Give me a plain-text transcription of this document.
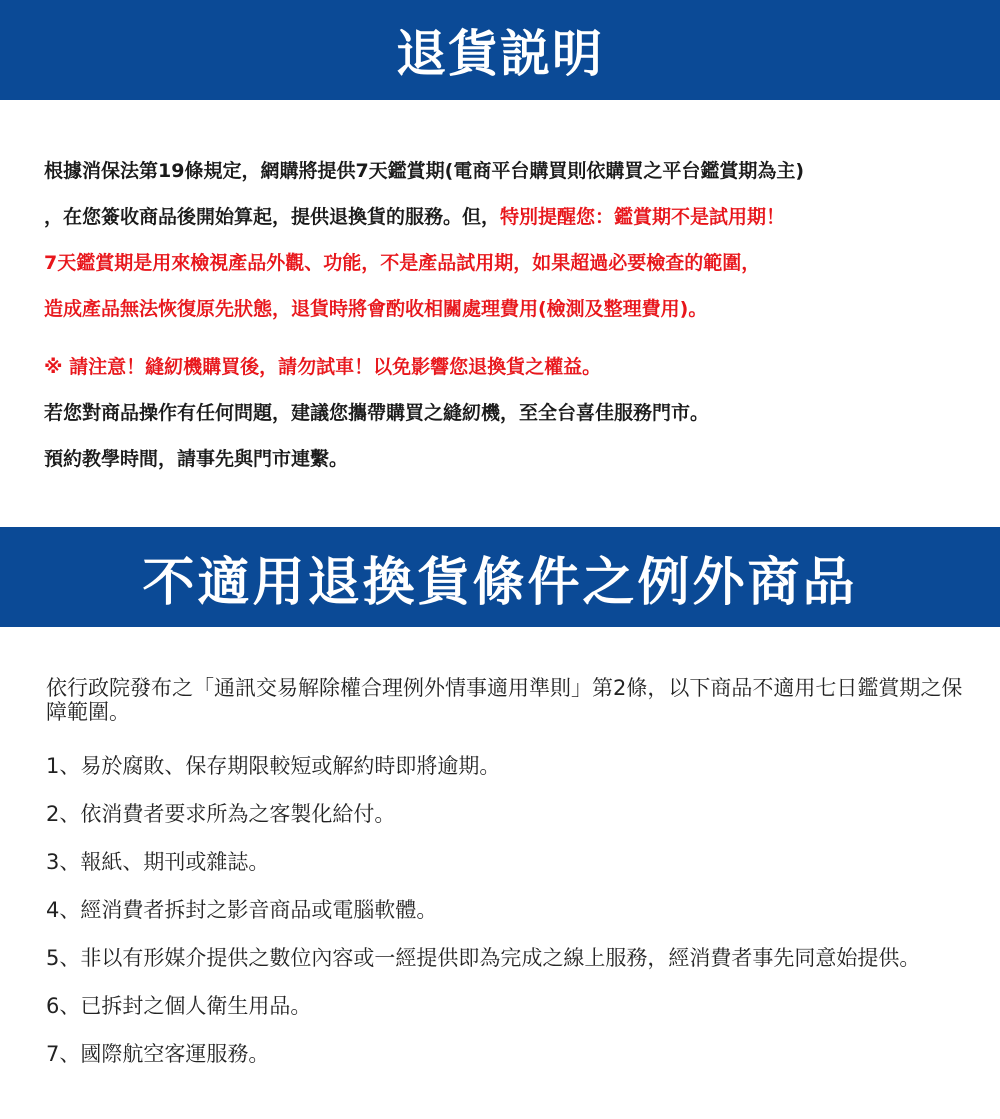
退貨説明
根據消保法第19條規定，網購將提供7天鑑賞期(電商平台購買則依購買之平台鑑賞期為主)
，在您簽收商品後開始算起，提供退換貨的服務。但，特別提醒您：鑑賞期不是試用期！
7天鑑賞期是用來檢視產品外觀、功能，不是產品試用期，如果超過必要檢查的範圍，
造成產品無法恢復原先狀態，退貨時將會酌收相關處理費用(檢測及整理費用)。
※ 請注意！縫紉機購買後，請勿試車！以免影響您退換貨之權益。
若您對商品操作有任何問題，建議您攜帶購買之縫紉機，至全台喜佳服務門市。
預約教學時間，請事先與門市連繫。
不適用退換貨條件之例外商品

依行政院發布之「通訊交易解除權合理例外情事適用準則」第2條，以下商品不適用七日鑑賞期之保障範圍。

1、易於腐敗、保存期限較短或解約時即將逾期。

2、依消費者要求所為之客製化給付。

3、報紙、期刊或雜誌。

4、經消費者拆封之影音商品或電腦軟體。

5、非以有形媒介提供之數位內容或一經提供即為完成之線上服務，經消費者事先同意始提供。

6、已拆封之個人衛生用品。

7、國際航空客運服務。
